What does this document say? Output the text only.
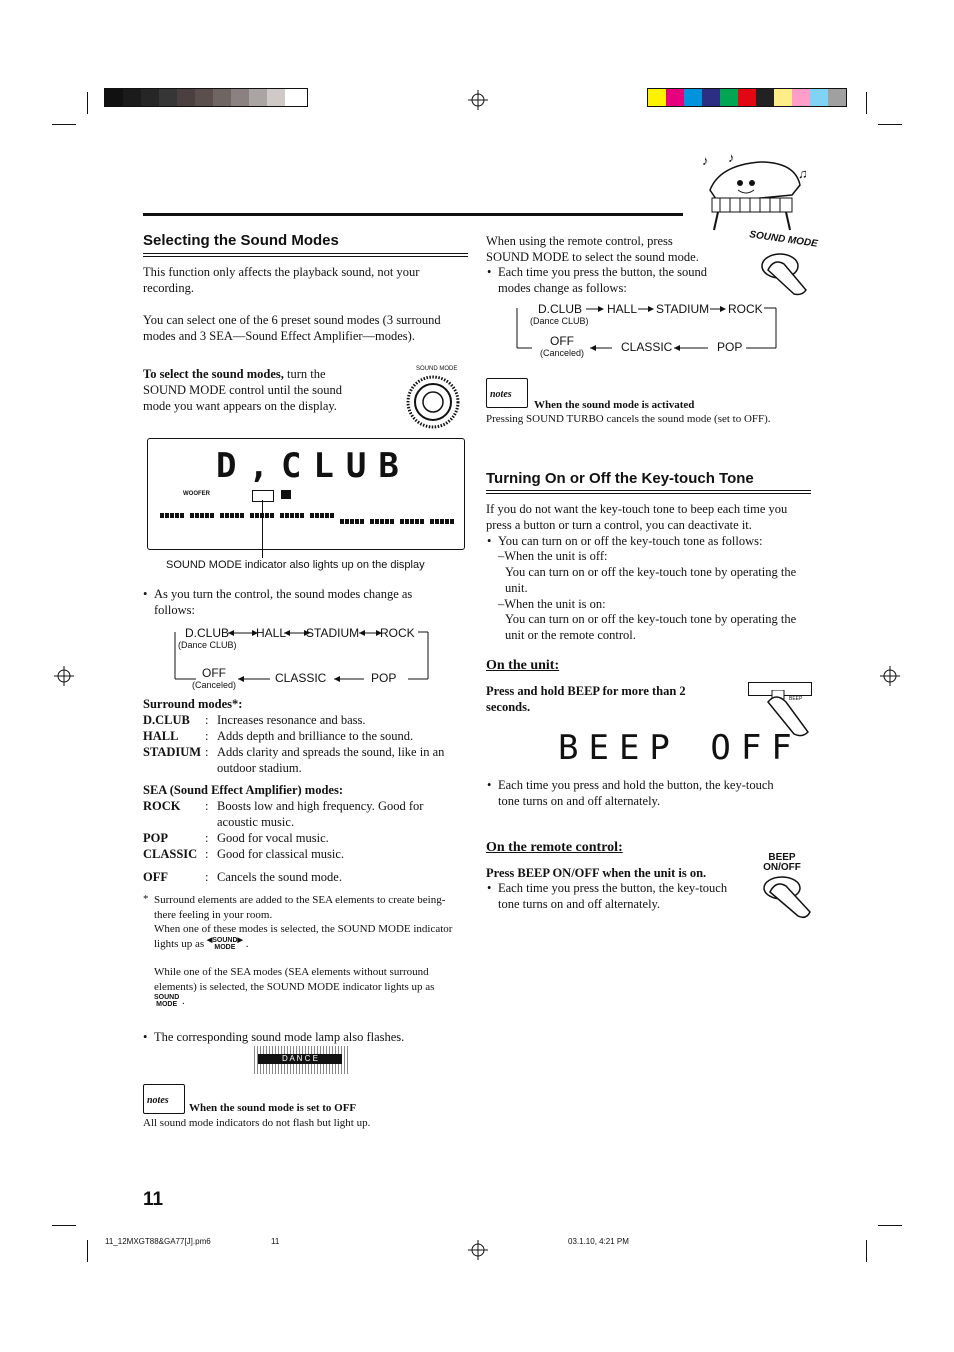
♪ ♪
♫
Selecting the Sound Modes
This function only affects the playback sound, not your recording.
You can select one of the 6 preset sound modes (3 surround modes and 3 SEA—Sound Effect Amplifier—modes).
To select the sound modes, turn the SOUND MODE control until the sound mode you want appears on the display.
SOUND MODE
D,CLUB
WOOFER
SOUND MODE indicator also lights up on the display
• As you turn the control, the sound modes change as follows:
D.CLUB
(Dance CLUB)
HALL STADIUM ROCK
OFF
(Canceled)	CLASSIC	POP
Surround modes*:
D.CLUB : Increases resonance and bass.
HALL : Adds depth and brilliance to the sound.
STADIUM : Adds clarity and spreads the sound, like in an outdoor stadium.
SEA (Sound Effect Amplifier) modes:
ROCK : Boosts low and high frequency. Good for acoustic music.
POP	: Good for vocal music.
CLASSIC : Good for classical music.
OFF	: Cancels the sound mode.
* Surround elements are added to the SEA elements to create being-there feeling in your room.
When one of these modes is selected, the SOUND MODE indicator lights up as ◀SOUND▶
MODE .
While one of the SEA modes (SEA elements without surround elements) is selected, the SOUND MODE indicator lights up as SOUND
MODE .
• The corresponding sound mode lamp also flashes.
D A N C E
notes
When the sound mode is set to OFF
All sound mode indicators do not flash but light up.
11
When using the remote control, press SOUND MODE to select the sound mode.
• Each time you press the button, the sound modes change as follows:
SOUND MODE
D.CLUB
(Dance CLUB)
HALL STADIUM ROCK
OFF
(Canceled)	CLASSIC	POP
notes
When the sound mode is activated
Pressing SOUND TURBO cancels the sound mode (set to OFF).
Turning On or Off the Key-touch Tone
If you do not want the key-touch tone to beep each time you press a button or turn a control, you can deactivate it.
• You can turn on or off the key-touch tone as follows:
–When the unit is off:
You can turn on or off the key-touch tone by operating the unit.
–When the unit is on:
You can turn on or off the key-touch tone by operating the unit or the remote control.
On the unit:
Press and hold BEEP for more than 2 seconds.
BEEP
BEEP OFF
• Each time you press and hold the button, the key-touch tone turns on and off alternately.
On the remote control:
Press BEEP ON/OFF when the unit is on.
• Each time you press the button, the key-touch tone turns on and off alternately.
BEEP
ON/OFF
11_12MXGT88&GA77[J].pm6	11	03.1.10, 4:21 PM
